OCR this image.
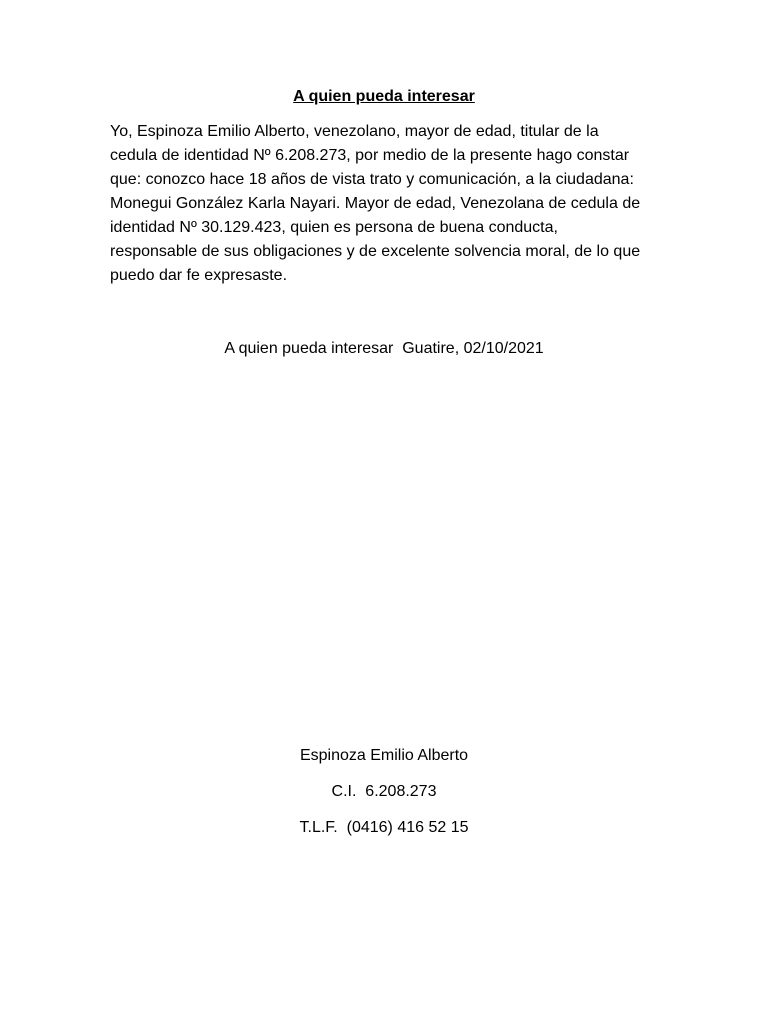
A quien pueda interesar
Yo, Espinoza Emilio Alberto, venezolano, mayor de edad, titular de la
cedula de identidad Nº 6.208.273, por medio de la presente hago constar
que: conozco hace 18 años de vista trato y comunicación, a la ciudadana:
Monegui González Karla Nayari. Mayor de edad, Venezolana de cedula de
identidad Nº 30.129.423, quien es persona de buena conducta,
responsable de sus obligaciones y de excelente solvencia moral, de lo que
puedo dar fe expresaste.
A quien pueda interesar  Guatire, 02/10/2021
Espinoza Emilio Alberto
C.I.  6.208.273
T.L.F.  (0416) 416 52 15
